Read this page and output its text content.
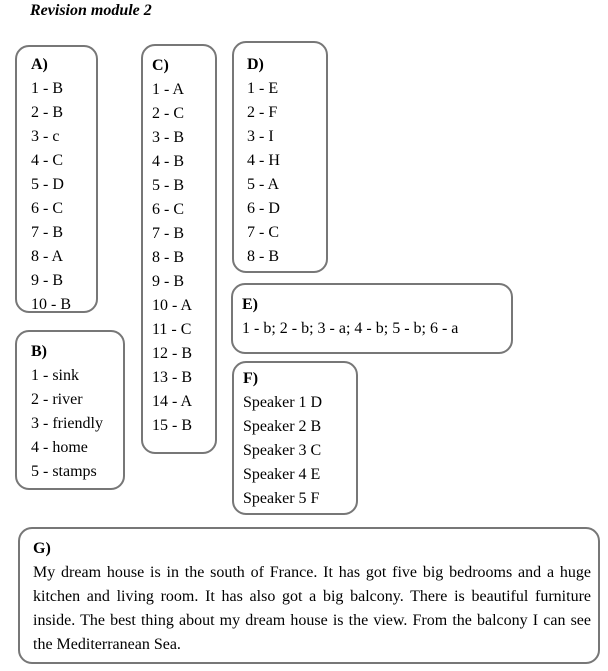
Revision module 2
A)
1 - B
2 - B
3 - c
4 - C
5 - D
6 - C
7 - B
8 - A
9 - B
10 - B
B)
1 - sink
2 - river
3 - friendly
4 - home
5 - stamps
C)
1 - A
2 - C
3 - B
4 - B
5 - B
6 - C
7 - B
8 - B
9 - B
10 - A
11 - C
12 - B
13 - B
14 - A
15 - B
D)
1 - E
2 - F
3 - I
4 - H
5 - A
6 - D
7 - C
8 - B
E)
1 - b; 2 - b; 3 - a; 4 - b; 5 - b; 6 - a
F)
Speaker 1 D
Speaker 2 B
Speaker 3 C
Speaker 4 E
Speaker 5 F
G)
My dream house is in the south of France. It has got five big bedrooms and a huge kitchen and living room. It has also got a big balcony. There is beautiful furniture inside. The best thing about my dream house is the view. From the balcony I can see the Mediterranean Sea.
